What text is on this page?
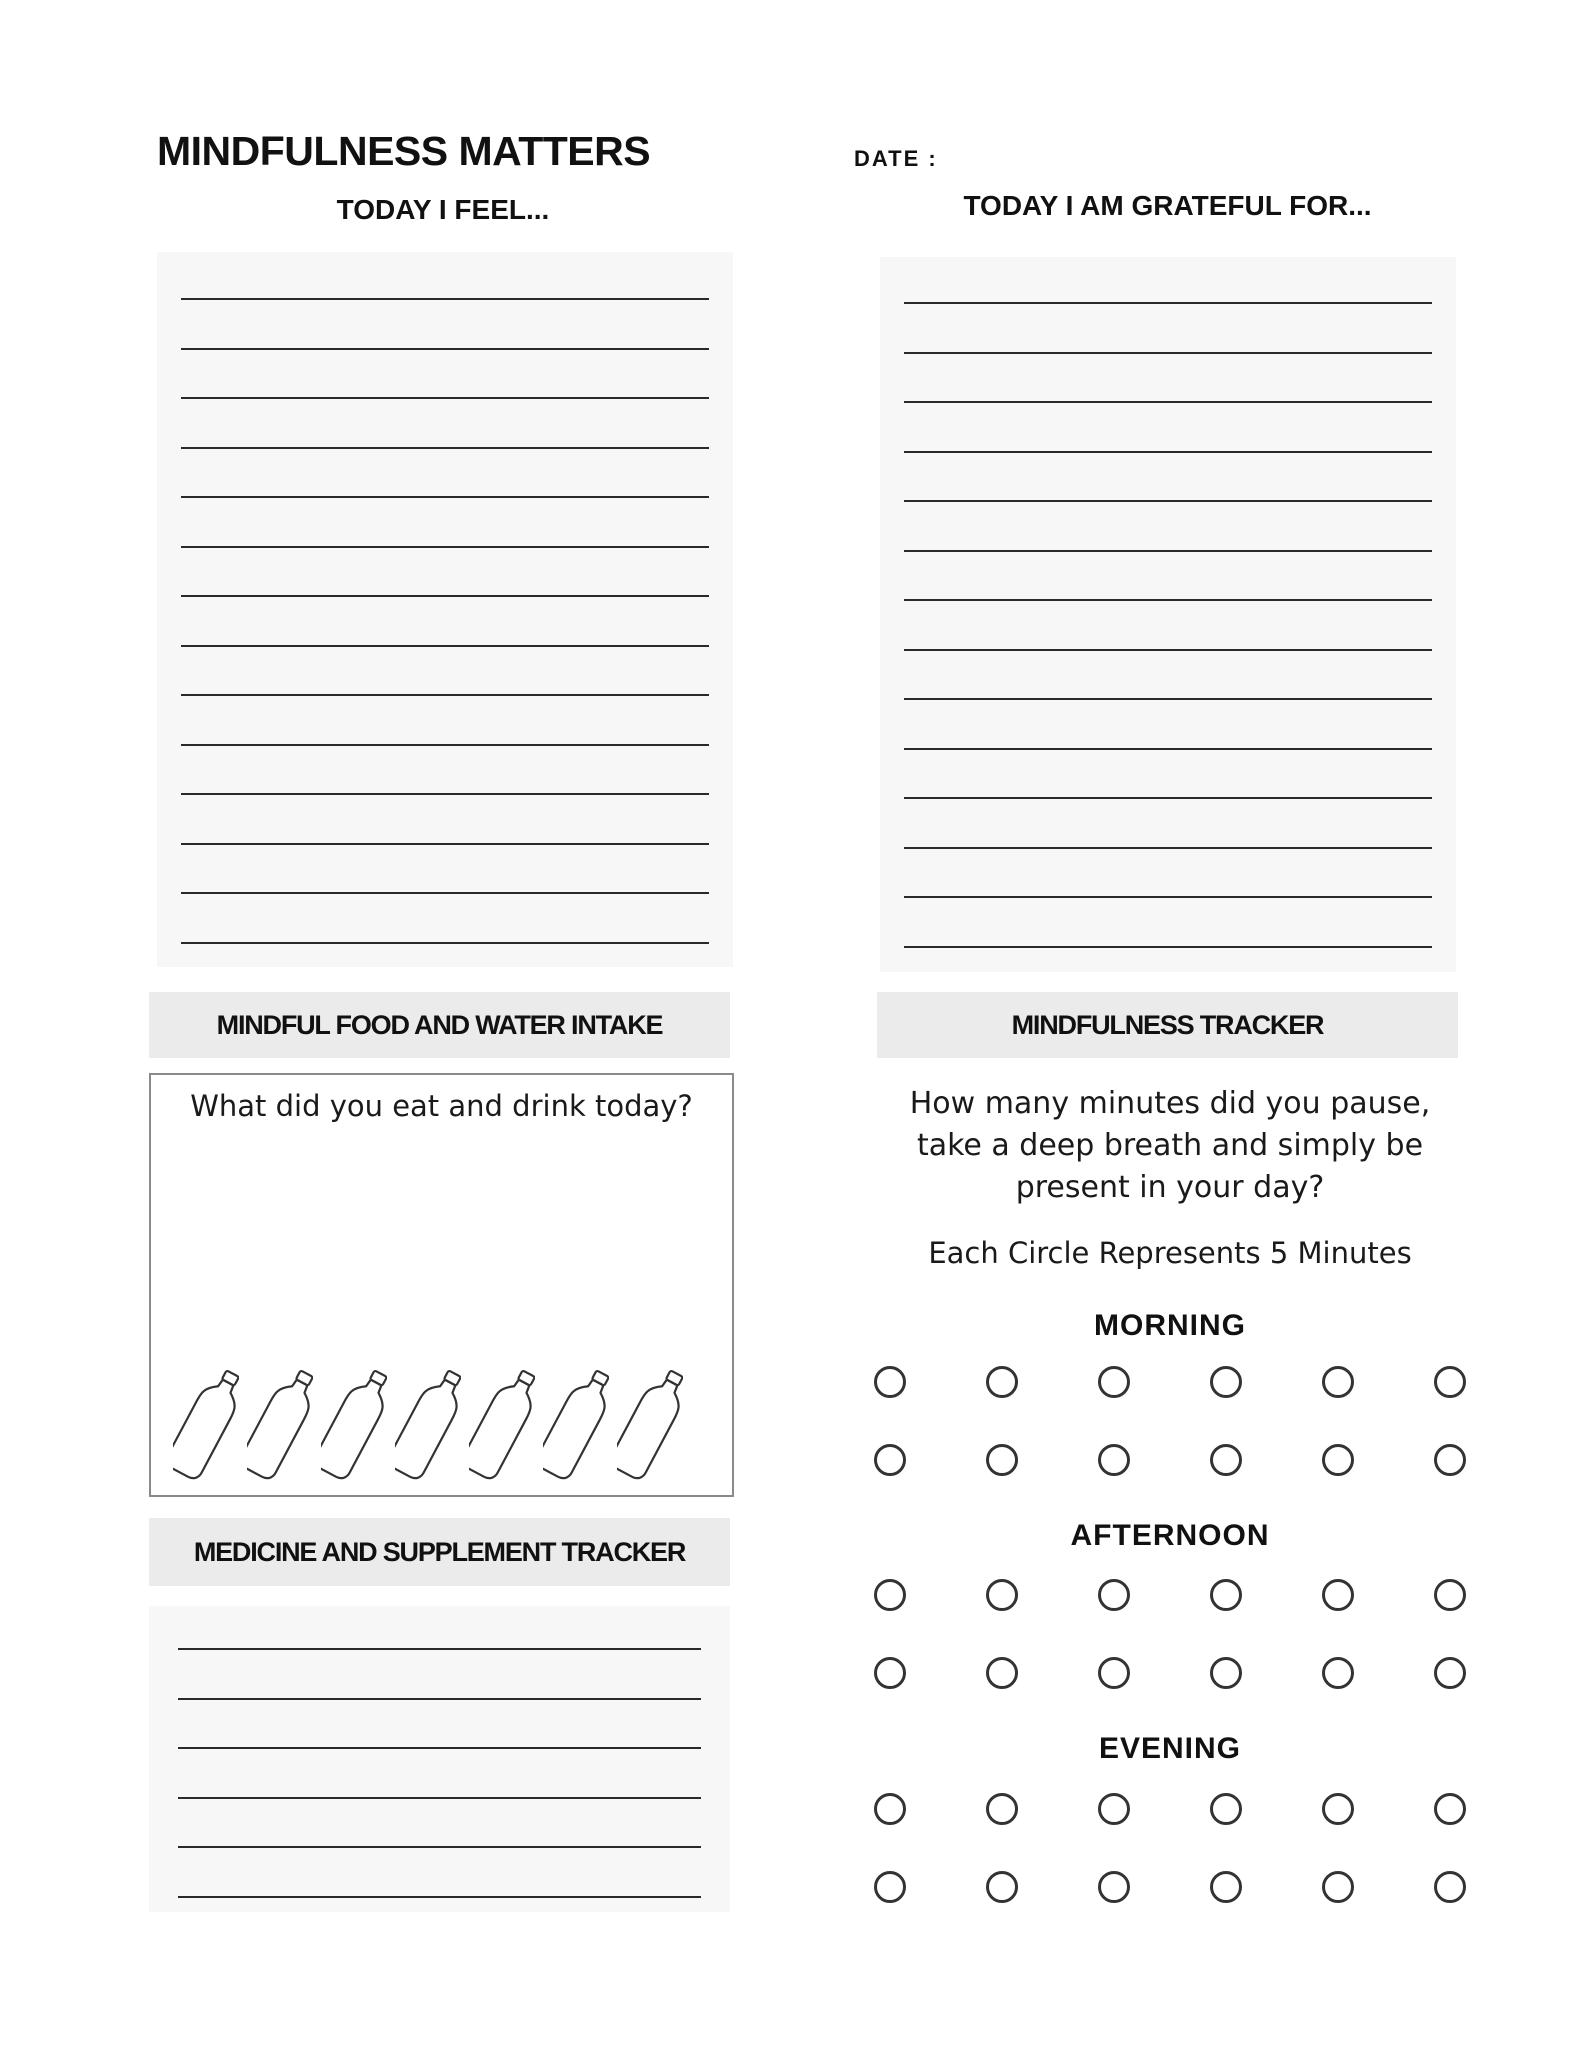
MINDFULNESS MATTERS	DATE :
TODAY I FEEL...	TODAY I AM GRATEFUL FOR...
MINDFUL FOOD AND WATER INTAKE
What did you eat and drink today?
MEDICINE AND SUPPLEMENT TRACKER
MINDFULNESS TRACKER
How many minutes did you pause, take a deep breath and simply be present in your day?
Each Circle Represents 5 Minutes
MORNING
AFTERNOON
EVENING
